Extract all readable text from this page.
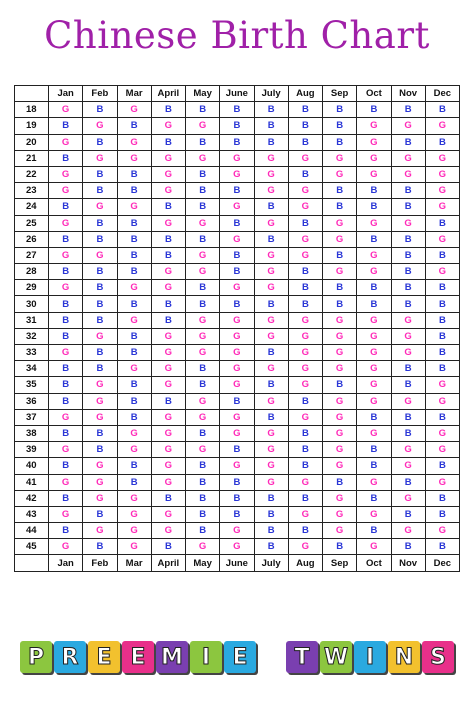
Chinese Birth Chart
	Jan	Feb	Mar	April	May	June	July	Aug	Sep	Oct	Nov	Dec
18	G	B	G	B	B	B	B	B	B	B	B	B
19	B	G	B	G	G	B	B	B	B	G	G	G
20	G	B	G	B	B	B	B	B	B	G	B	B
21	B	G	G	G	G	G	G	G	G	G	G	G
22	G	B	B	G	B	G	G	B	G	G	G	G
23	G	B	B	G	B	B	G	G	B	B	B	G
24	B	G	G	B	B	G	B	G	B	B	B	G
25	G	B	B	G	G	B	G	B	G	G	G	B
26	B	B	B	B	B	G	B	G	G	B	B	G
27	G	G	B	B	G	B	G	G	B	G	B	B
28	B	B	B	G	G	B	G	B	G	G	B	G
29	G	B	G	G	B	G	G	B	B	B	B	B
30	B	B	B	B	B	B	B	B	B	B	B	B
31	B	B	G	B	G	G	G	G	G	G	G	B
32	B	G	B	G	G	G	G	G	G	G	G	B
33	G	B	B	G	G	G	B	G	G	G	G	B
34	B	B	G	G	B	G	G	G	G	G	B	B
35	B	G	B	G	B	G	B	G	B	G	B	G
36	B	G	B	B	G	B	G	B	G	G	G	G
37	G	G	B	G	G	G	B	G	G	B	B	B
38	B	B	G	G	B	G	G	B	G	G	B	G
39	G	B	G	G	G	B	G	B	G	B	G	G
40	B	G	B	G	B	G	G	B	G	B	G	B
41	G	G	B	G	B	B	G	G	B	G	B	G
42	B	G	G	B	B	B	B	B	G	B	G	B
43	G	B	G	G	B	B	B	G	G	G	B	B
44	B	G	G	G	B	G	B	B	G	B	G	G
45	G	B	G	B	G	G	B	G	B	G	B	B
	Jan	Feb	Mar	April	May	June	July	Aug	Sep	Oct	Nov	Dec
P R E E M I	E	T W I N S
